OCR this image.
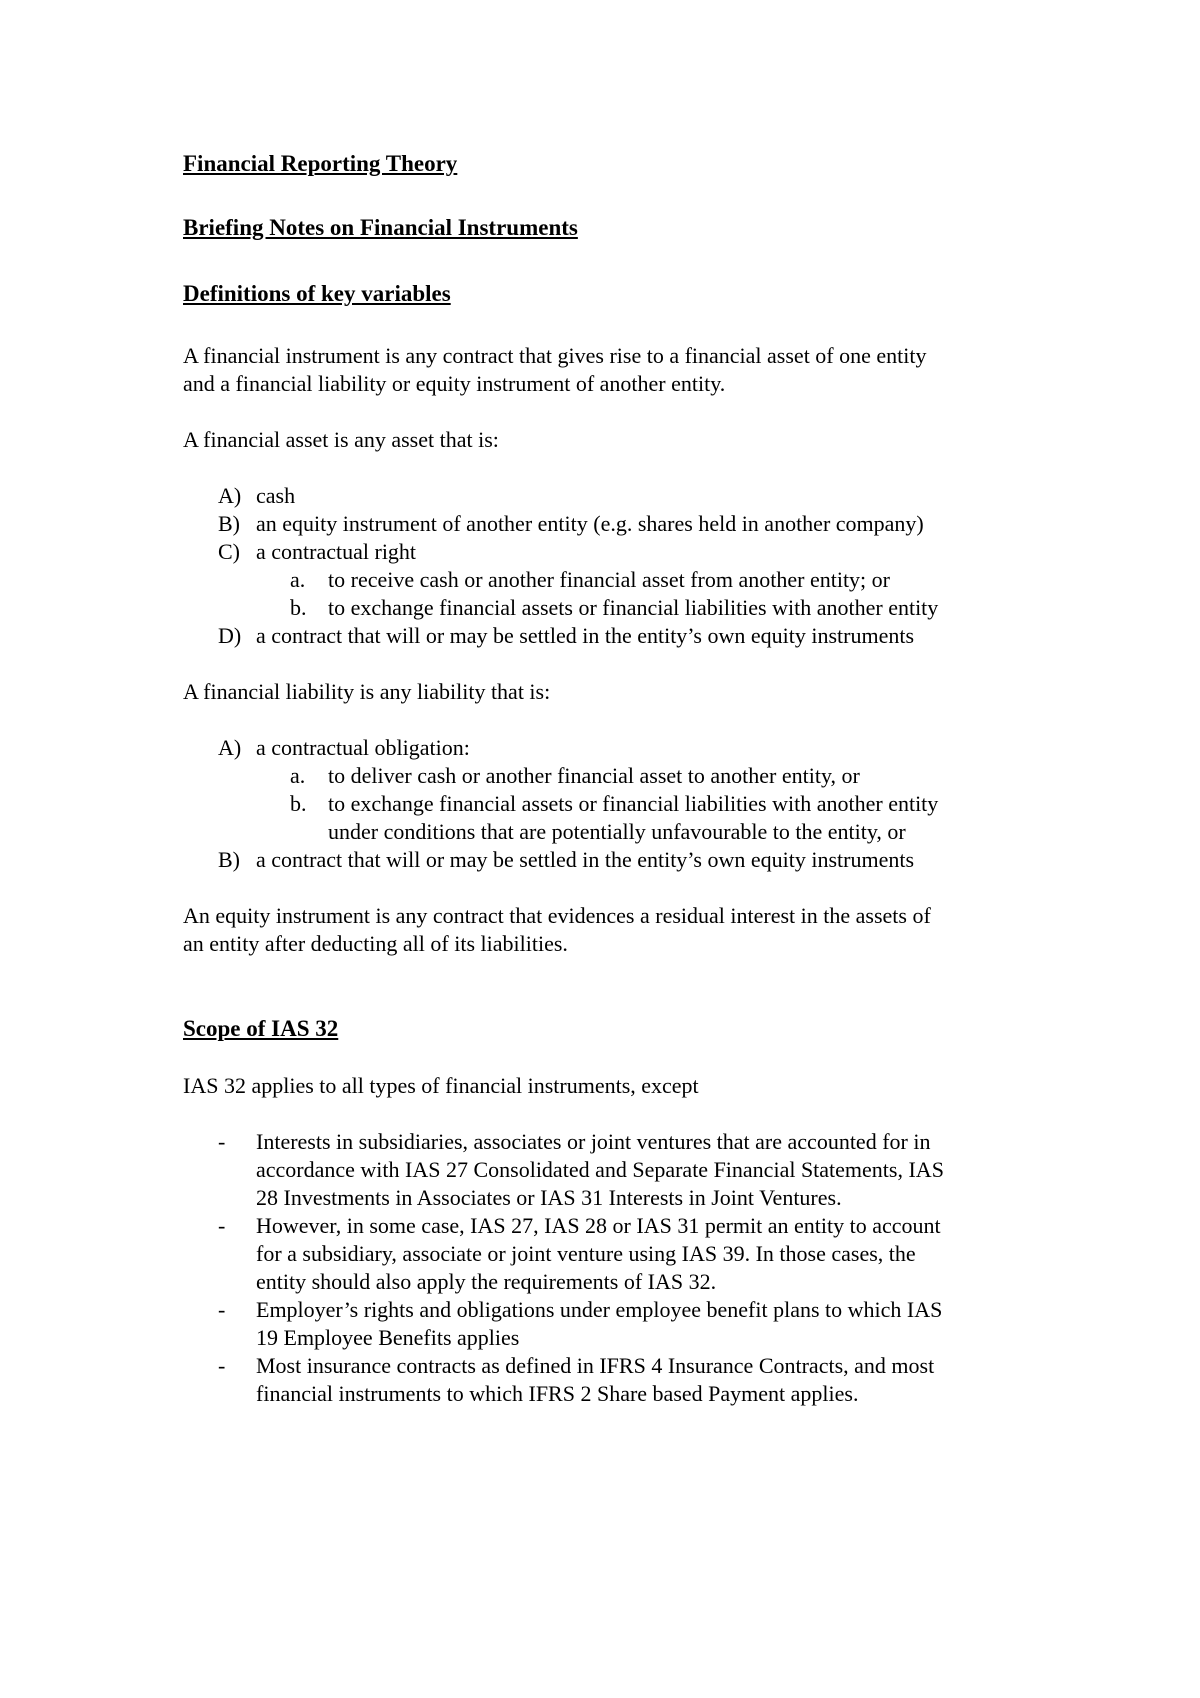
Financial Reporting Theory
Briefing Notes on Financial Instruments
Definitions of key variables
A financial instrument is any contract that gives rise to a financial asset of one entity
and a financial liability or equity instrument of another entity.
A financial asset is any asset that is:
A) cash
B) an equity instrument of another entity (e.g. shares held in another company)
C) a contractual right
a. to receive cash or another financial asset from another entity; or
b. to exchange financial assets or financial liabilities with another entity
D) a contract that will or may be settled in the entity’s own equity instruments
A financial liability is any liability that is:
A) a contractual obligation:
a. to deliver cash or another financial asset to another entity, or
b. to exchange financial assets or financial liabilities with another entity
under conditions that are potentially unfavourable to the entity, or
B) a contract that will or may be settled in the entity’s own equity instruments
An equity instrument is any contract that evidences a residual interest in the assets of
an entity after deducting all of its liabilities.
Scope of IAS 32
IAS 32 applies to all types of financial instruments, except
- Interests in subsidiaries, associates or joint ventures that are accounted for in
accordance with IAS 27 Consolidated and Separate Financial Statements, IAS
28 Investments in Associates or IAS 31 Interests in Joint Ventures.
- However, in some case, IAS 27, IAS 28 or IAS 31 permit an entity to account
for a subsidiary, associate or joint venture using IAS 39. In those cases, the
entity should also apply the requirements of IAS 32.
- Employer’s rights and obligations under employee benefit plans to which IAS
19 Employee Benefits applies
- Most insurance contracts as defined in IFRS 4 Insurance Contracts, and most
financial instruments to which IFRS 2 Share based Payment applies.
